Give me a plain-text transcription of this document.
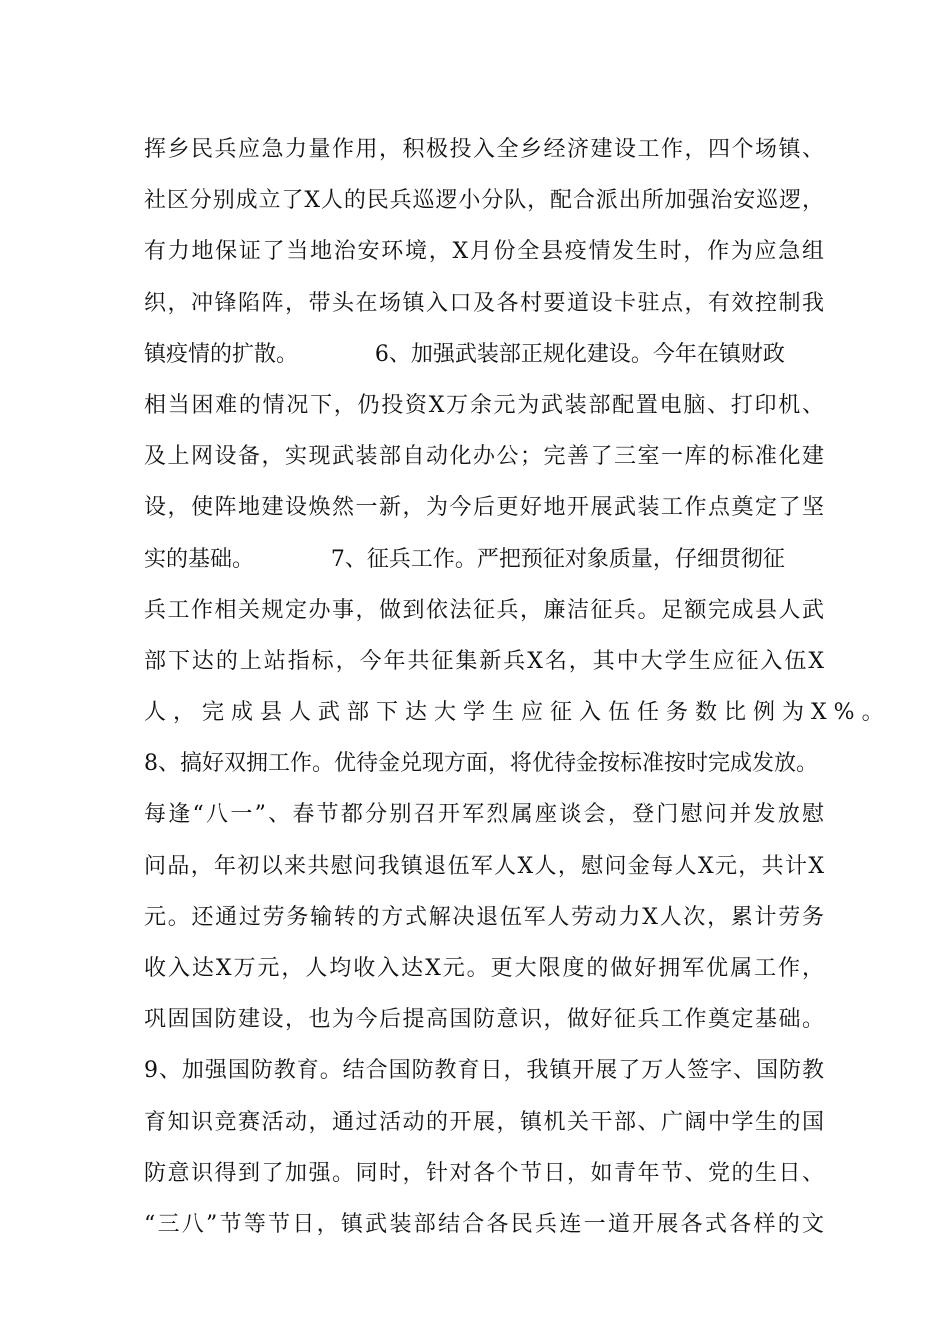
挥乡民兵应急力量作用，积极投入全乡经济建设工作，四个场镇、
社区分别成立了X人的民兵巡逻小分队，配合派出所加强治安巡逻，
有力地保证了当地治安环境，X月份全县疫情发生时，作为应急组
织，冲锋陷阵，带头在场镇入口及各村要道设卡驻点，有效控制我
镇疫情的扩散。           6、加强武装部正规化建设。今年在镇财政
相当困难的情况下，仍投资X万余元为武装部配置电脑、打印机、
及上网设备，实现武装部自动化办公；完善了三室一库的标准化建
设，使阵地建设焕然一新，为今后更好地开展武装工作点奠定了坚
实的基础。           7、征兵工作。严把预征对象质量，仔细贯彻征
兵工作相关规定办事，做到依法征兵，廉洁征兵。足额完成县人武
部下达的上站指标，今年共征集新兵X名，其中大学生应征入伍X
人，完成县人武部下达大学生应征入伍任务数比例为X%。
8、搞好双拥工作。优待金兑现方面，将优待金按标准按时完成发放。
每逢“八一”、春节都分别召开军烈属座谈会，登门慰问并发放慰
问品，年初以来共慰问我镇退伍军人X人，慰问金每人X元，共计X
元。还通过劳务输转的方式解决退伍军人劳动力X人次，累计劳务
收入达X万元，人均收入达X元。更大限度的做好拥军优属工作，
巩固国防建设，也为今后提高国防意识，做好征兵工作奠定基础。
9、加强国防教育。结合国防教育日，我镇开展了万人签字、国防教
育知识竞赛活动，通过活动的开展，镇机关干部、广阔中学生的国
防意识得到了加强。同时，针对各个节日，如青年节、党的生日、
“三八”节等节日，镇武装部结合各民兵连一道开展各式各样的文
